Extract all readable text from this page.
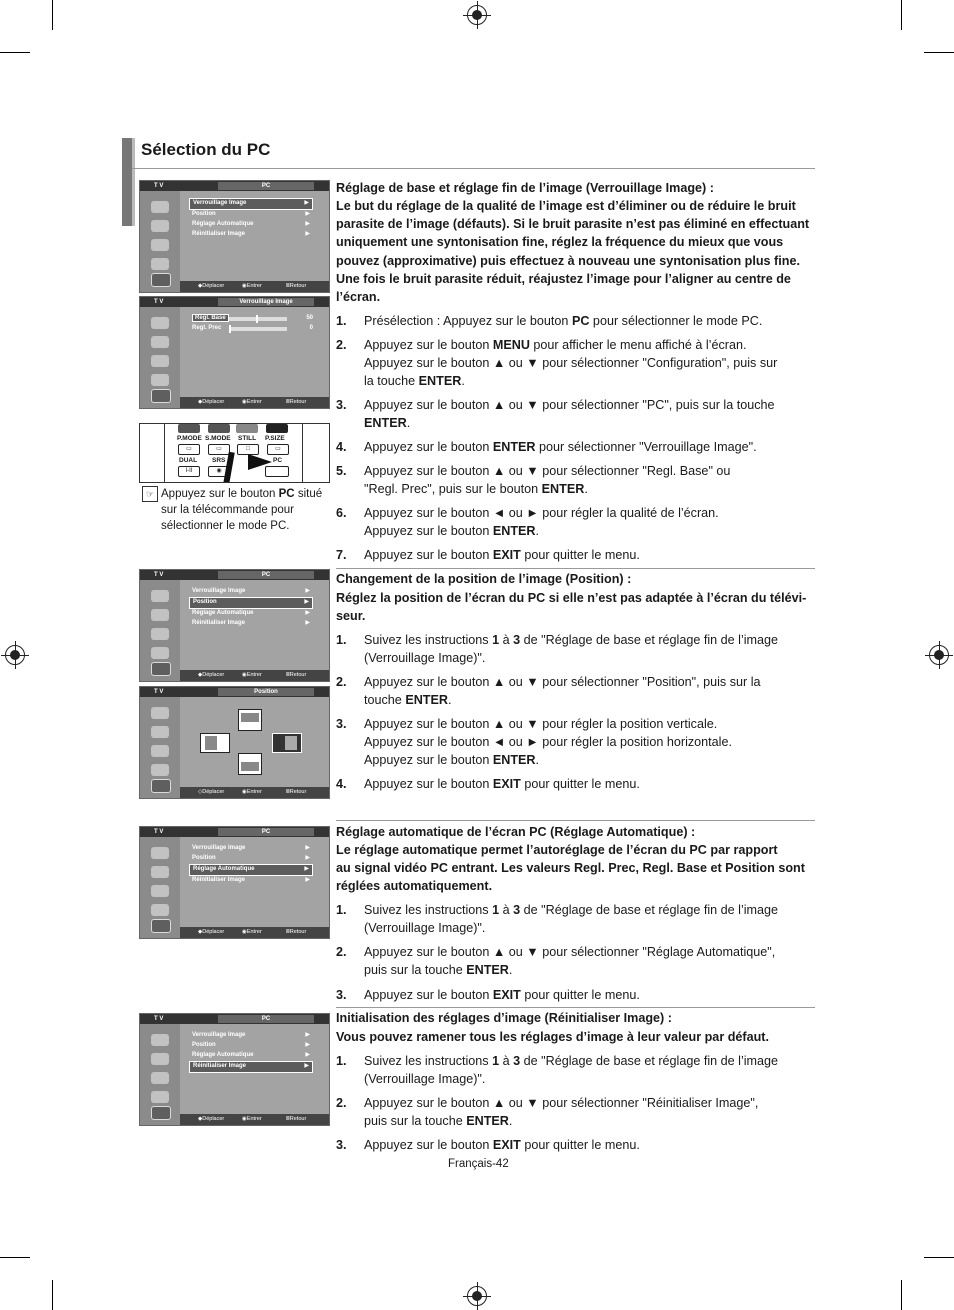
Sélection du PC
T V	PC
Verrouillage Image	▶
Position	▶
Réglage Automatique	▶
Réinitialiser Image	▶
◆ Déplacer	◉ Entrer	Ⅲ Retour
T V	Verrouillage Image
Regl. Base	50
Regl. Prec	0
◆ Déplacer	◉ Entrer	Ⅲ Retour
P.MODE S.MODE STILL P.SIZE
▭	▭	□	▭
DUAL SRS	PC
I-II	◉
☞ Appuyez sur le bouton PC situé sur la télécommande pour sélectionner le mode PC.
Réglage de base et réglage fin de l’image (Verrouillage Image) :
Le but du réglage de la qualité de l’image est d’éliminer ou de réduire le bruit
parasite de l’image (défauts). Si le bruit parasite n’est pas éliminé en effectuant
uniquement une syntonisation fine, réglez la fréquence du mieux que vous
pouvez (approximative) puis effectuez à nouveau une syntonisation plus fine.
Une fois le bruit parasite réduit, réajustez l’image pour l’aligner au centre de
l’écran.
1. Présélection : Appuyez sur le bouton PC pour sélectionner le mode PC.
2. Appuyez sur le bouton MENU pour afficher le menu affiché à l’écran.
Appuyez sur le bouton ▲ ou ▼ pour sélectionner "Configuration", puis sur
la touche ENTER.
3. Appuyez sur le bouton ▲ ou ▼ pour sélectionner "PC", puis sur la touche
ENTER.
4. Appuyez sur le bouton ENTER pour sélectionner "Verrouillage Image".
5. Appuyez sur le bouton ▲ ou ▼ pour sélectionner "Regl. Base" ou
"Regl. Prec", puis sur le bouton ENTER.
6. Appuyez sur le bouton ◄ ou ► pour régler la qualité de l’écran.
Appuyez sur le bouton ENTER.
7. Appuyez sur le bouton EXIT pour quitter le menu.
T V	PC
Verrouillage Image	▶
Position	▶
Réglage Automatique	▶
Réinitialiser Image	▶
◆ Déplacer	◉ Entrer	Ⅲ Retour
T V	Position
◇ Déplacer	◉ Entrer	Ⅲ Retour
Changement de la position de l’image (Position) :
Réglez la position de l’écran du PC si elle n’est pas adaptée à l’écran du télévi-
seur.
1. Suivez les instructions 1 à 3 de "Réglage de base et réglage fin de l’image
(Verrouillage Image)".
2. Appuyez sur le bouton ▲ ou ▼ pour sélectionner "Position", puis sur la
touche ENTER.
3. Appuyez sur le bouton ▲ ou ▼ pour régler la position verticale.
Appuyez sur le bouton ◄ ou ► pour régler la position horizontale.
Appuyez sur le bouton ENTER.
4. Appuyez sur le bouton EXIT pour quitter le menu.
T V	PC
Verrouillage Image	▶
Position	▶
Réglage Automatique	▶
Réinitialiser Image	▶
◆ Déplacer	◉ Entrer	Ⅲ Retour
Réglage automatique de l’écran PC (Réglage Automatique) :
Le réglage automatique permet l’autoréglage de l’écran du PC par rapport
au signal vidéo PC entrant. Les valeurs Regl. Prec, Regl. Base et Position sont
réglées automatiquement.
1. Suivez les instructions 1 à 3 de "Réglage de base et réglage fin de l’image
(Verrouillage Image)".
2. Appuyez sur le bouton ▲ ou ▼ pour sélectionner "Réglage Automatique",
puis sur la touche ENTER.
3. Appuyez sur le bouton EXIT pour quitter le menu.
T V	PC
Verrouillage Image	▶
Position	▶
Réglage Automatique	▶
Réinitialiser Image	▶
◆ Déplacer	◉ Entrer	Ⅲ Retour
Initialisation des réglages d’image (Réinitialiser Image) :
Vous pouvez ramener tous les réglages d’image à leur valeur par défaut.
1. Suivez les instructions 1 à 3 de "Réglage de base et réglage fin de l’image
(Verrouillage Image)".
2. Appuyez sur le bouton ▲ ou ▼ pour sélectionner "Réinitialiser Image",
puis sur la touche ENTER.
3. Appuyez sur le bouton EXIT pour quitter le menu.
Français-42
